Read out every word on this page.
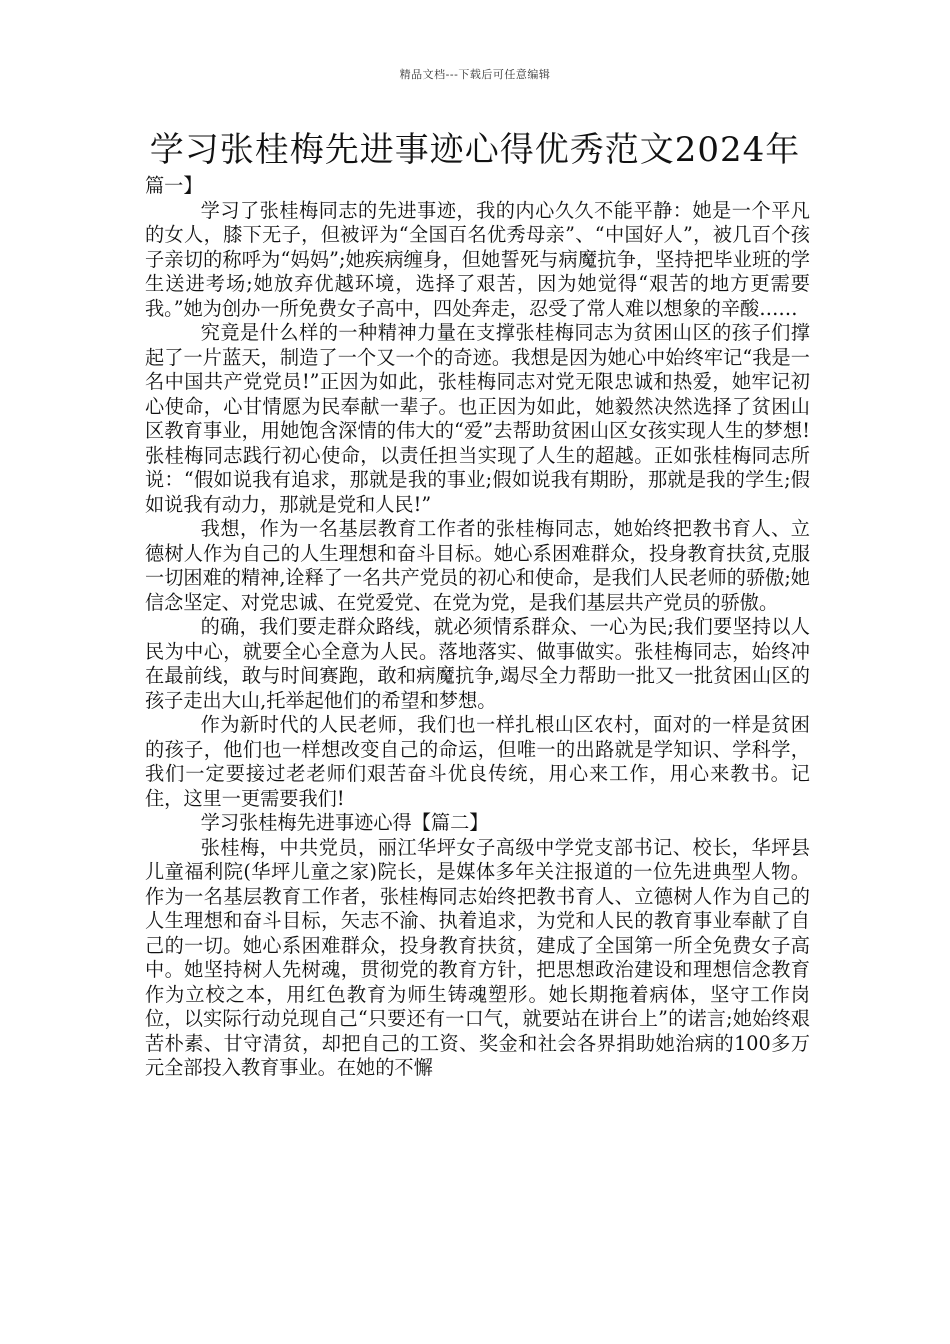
精品文档---下载后可任意编辑
学习张桂梅先进事迹心得优秀范文2024年

篇一】

学习了张桂梅同志的先进事迹，我的内心久久不能平静：她是一个平凡的女人，膝下无子，但被评为“全国百名优秀母亲”、“中国好人”，被几百个孩子亲切的称呼为“妈妈”;她疾病缠身，但她誓死与病魔抗争，坚持把毕业班的学生送进考场;她放弃优越环境，选择了艰苦，因为她觉得“艰苦的地方更需要我。”她为创办一所免费女子高中，四处奔走，忍受了常人难以想象的辛酸……

究竟是什么样的一种精神力量在支撑张桂梅同志为贫困山区的孩子们撑起了一片蓝天，制造了一个又一个的奇迹。我想是因为她心中始终牢记“我是一名中国共产党党员!”正因为如此，张桂梅同志对党无限忠诚和热爱，她牢记初心使命，心甘情愿为民奉献一辈子。也正因为如此，她毅然决然选择了贫困山区教育事业，用她饱含深情的伟大的“爱”去帮助贫困山区女孩实现人生的梦想!张桂梅同志践行初心使命，以责任担当实现了人生的超越。正如张桂梅同志所说：“假如说我有追求，那就是我的事业;假如说我有期盼，那就是我的学生;假如说我有动力，那就是党和人民!”

我想，作为一名基层教育工作者的张桂梅同志，她始终把教书育人、立德树人作为自己的人生理想和奋斗目标。她心系困难群众，投身教育扶贫,克服一切困难的精神,诠释了一名共产党员的初心和使命，是我们人民老师的骄傲;她信念坚定、对党忠诚、在党爱党、在党为党，是我们基层共产党员的骄傲。

的确，我们要走群众路线，就必须情系群众、一心为民;我们要坚持以人民为中心，就要全心全意为人民。落地落实、做事做实。张桂梅同志，始终冲在最前线，敢与时间赛跑，敢和病魔抗争,竭尽全力帮助一批又一批贫困山区的孩子走出大山,托举起他们的希望和梦想。

作为新时代的人民老师，我们也一样扎根山区农村，面对的一样是贫困的孩子，他们也一样想改变自己的命运，但唯一的出路就是学知识、学科学，我们一定要接过老老师们艰苦奋斗优良传统，用心来工作，用心来教书。记住，这里一更需要我们!

学习张桂梅先进事迹心得【篇二】

张桂梅，中共党员，丽江华坪女子高级中学党支部书记、校长，华坪县儿童福利院(华坪儿童之家)院长，是媒体多年关注报道的一位先进典型人物。作为一名基层教育工作者，张桂梅同志始终把教书育人、立德树人作为自己的人生理想和奋斗目标，矢志不渝、执着追求，为党和人民的教育事业奉献了自己的一切。她心系困难群众，投身教育扶贫，建成了全国第一所全免费女子高中。她坚持树人先树魂，贯彻党的教育方针，把思想政治建设和理想信念教育作为立校之本，用红色教育为师生铸魂塑形。她长期拖着病体，坚守工作岗位，以实际行动兑现自己“只要还有一口气，就要站在讲台上”的诺言;她始终艰苦朴素、甘守清贫，却把自己的工资、奖金和社会各界捐助她治病的100多万元全部投入教育事业。在她的不懈
